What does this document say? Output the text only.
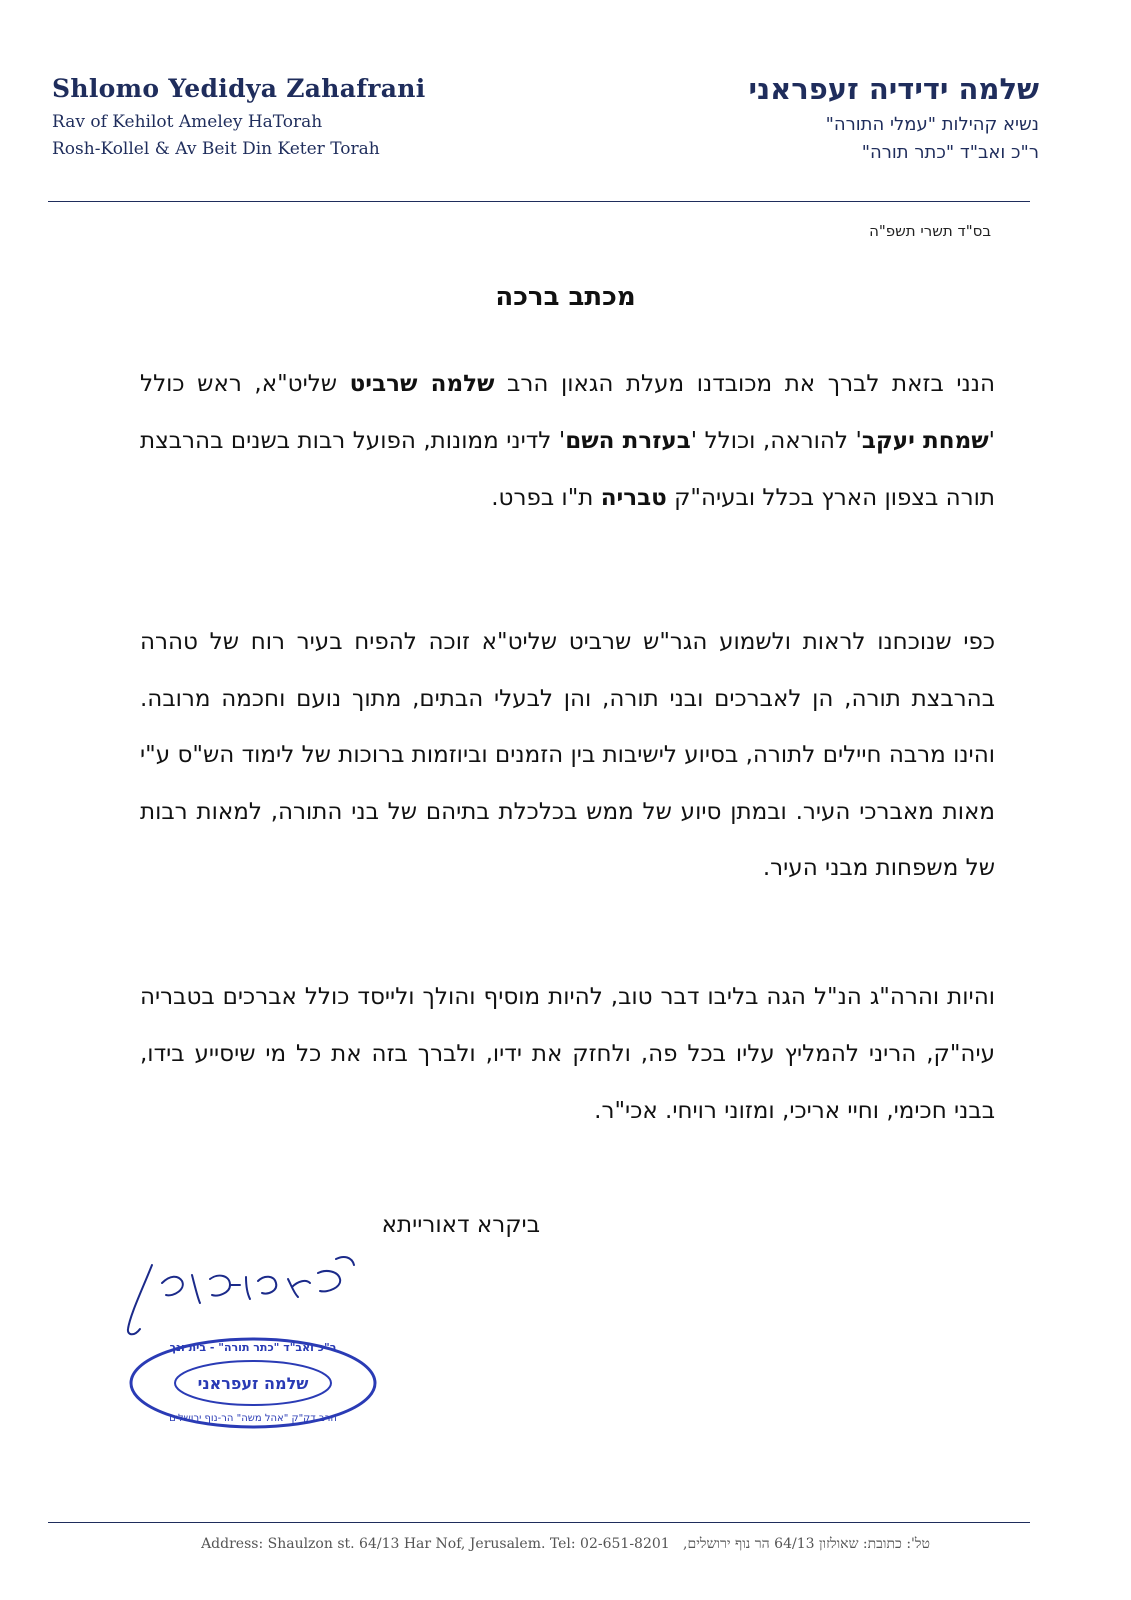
Shlomo Yedidya Zahafrani
Rav of Kehilot Ameley HaTorah
Rosh-Kollel & Av Beit Din Keter Torah
שלמה ידידיה זעפראני
נשיא קהילות "עמלי התורה"
ר"כ ואב"ד "כתר תורה"
בס"ד תשרי תשפ"ה
מכתב ברכה
הנני בזאת לברך את מכובדנו מעלת הגאון הרב שלמה שרביט שליט"א, ראש כולל 'שמחת יעקב' להוראה, וכולל 'בעזרת השם' לדיני ממונות, הפועל רבות בשנים בהרבצת תורה בצפון הארץ בכלל ובעיה"ק טבריה ת"ו בפרט.
כפי שנוכחנו לראות ולשמוע הגר"ש שרביט שליט"א זוכה להפיח בעיר רוח של טהרה בהרבצת תורה, הן לאברכים ובני תורה, והן לבעלי הבתים, מתוך נועם וחכמה מרובה. והינו מרבה חיילים לתורה, בסיוע לישיבות בין הזמנים וביוזמות ברוכות של לימוד הש"ס ע"י מאות מאברכי העיר. ובמתן סיוע של ממש בכלכלת בתיהם של בני התורה, למאות רבות של משפחות מבני העיר.
והיות והרה"ג הנ"ל הגה בליבו דבר טוב, להיות מוסיף והולך ולייסד כולל אברכים בטבריה עיה"ק, הריני להמליץ עליו בכל פה, ולחזק את ידיו, ולברך בזה את כל מי שיסייע בידו, בבני חכימי, וחיי אריכי, ומזוני רויחי. אכי"ר.
ביקרא דאורייתא
ר"כ ואב"ד "כתר תורה" - בית ונך
שלמה זעפראני
הרב דק"ק "אהל משה" הר-נוף ירושלים
Address: Shaulzon st. 64/13 Har Nof, Jerusalem. Tel: 02-651-8201 טל': כתובת: שאולזון 64/13 הר נוף ירושלים,
